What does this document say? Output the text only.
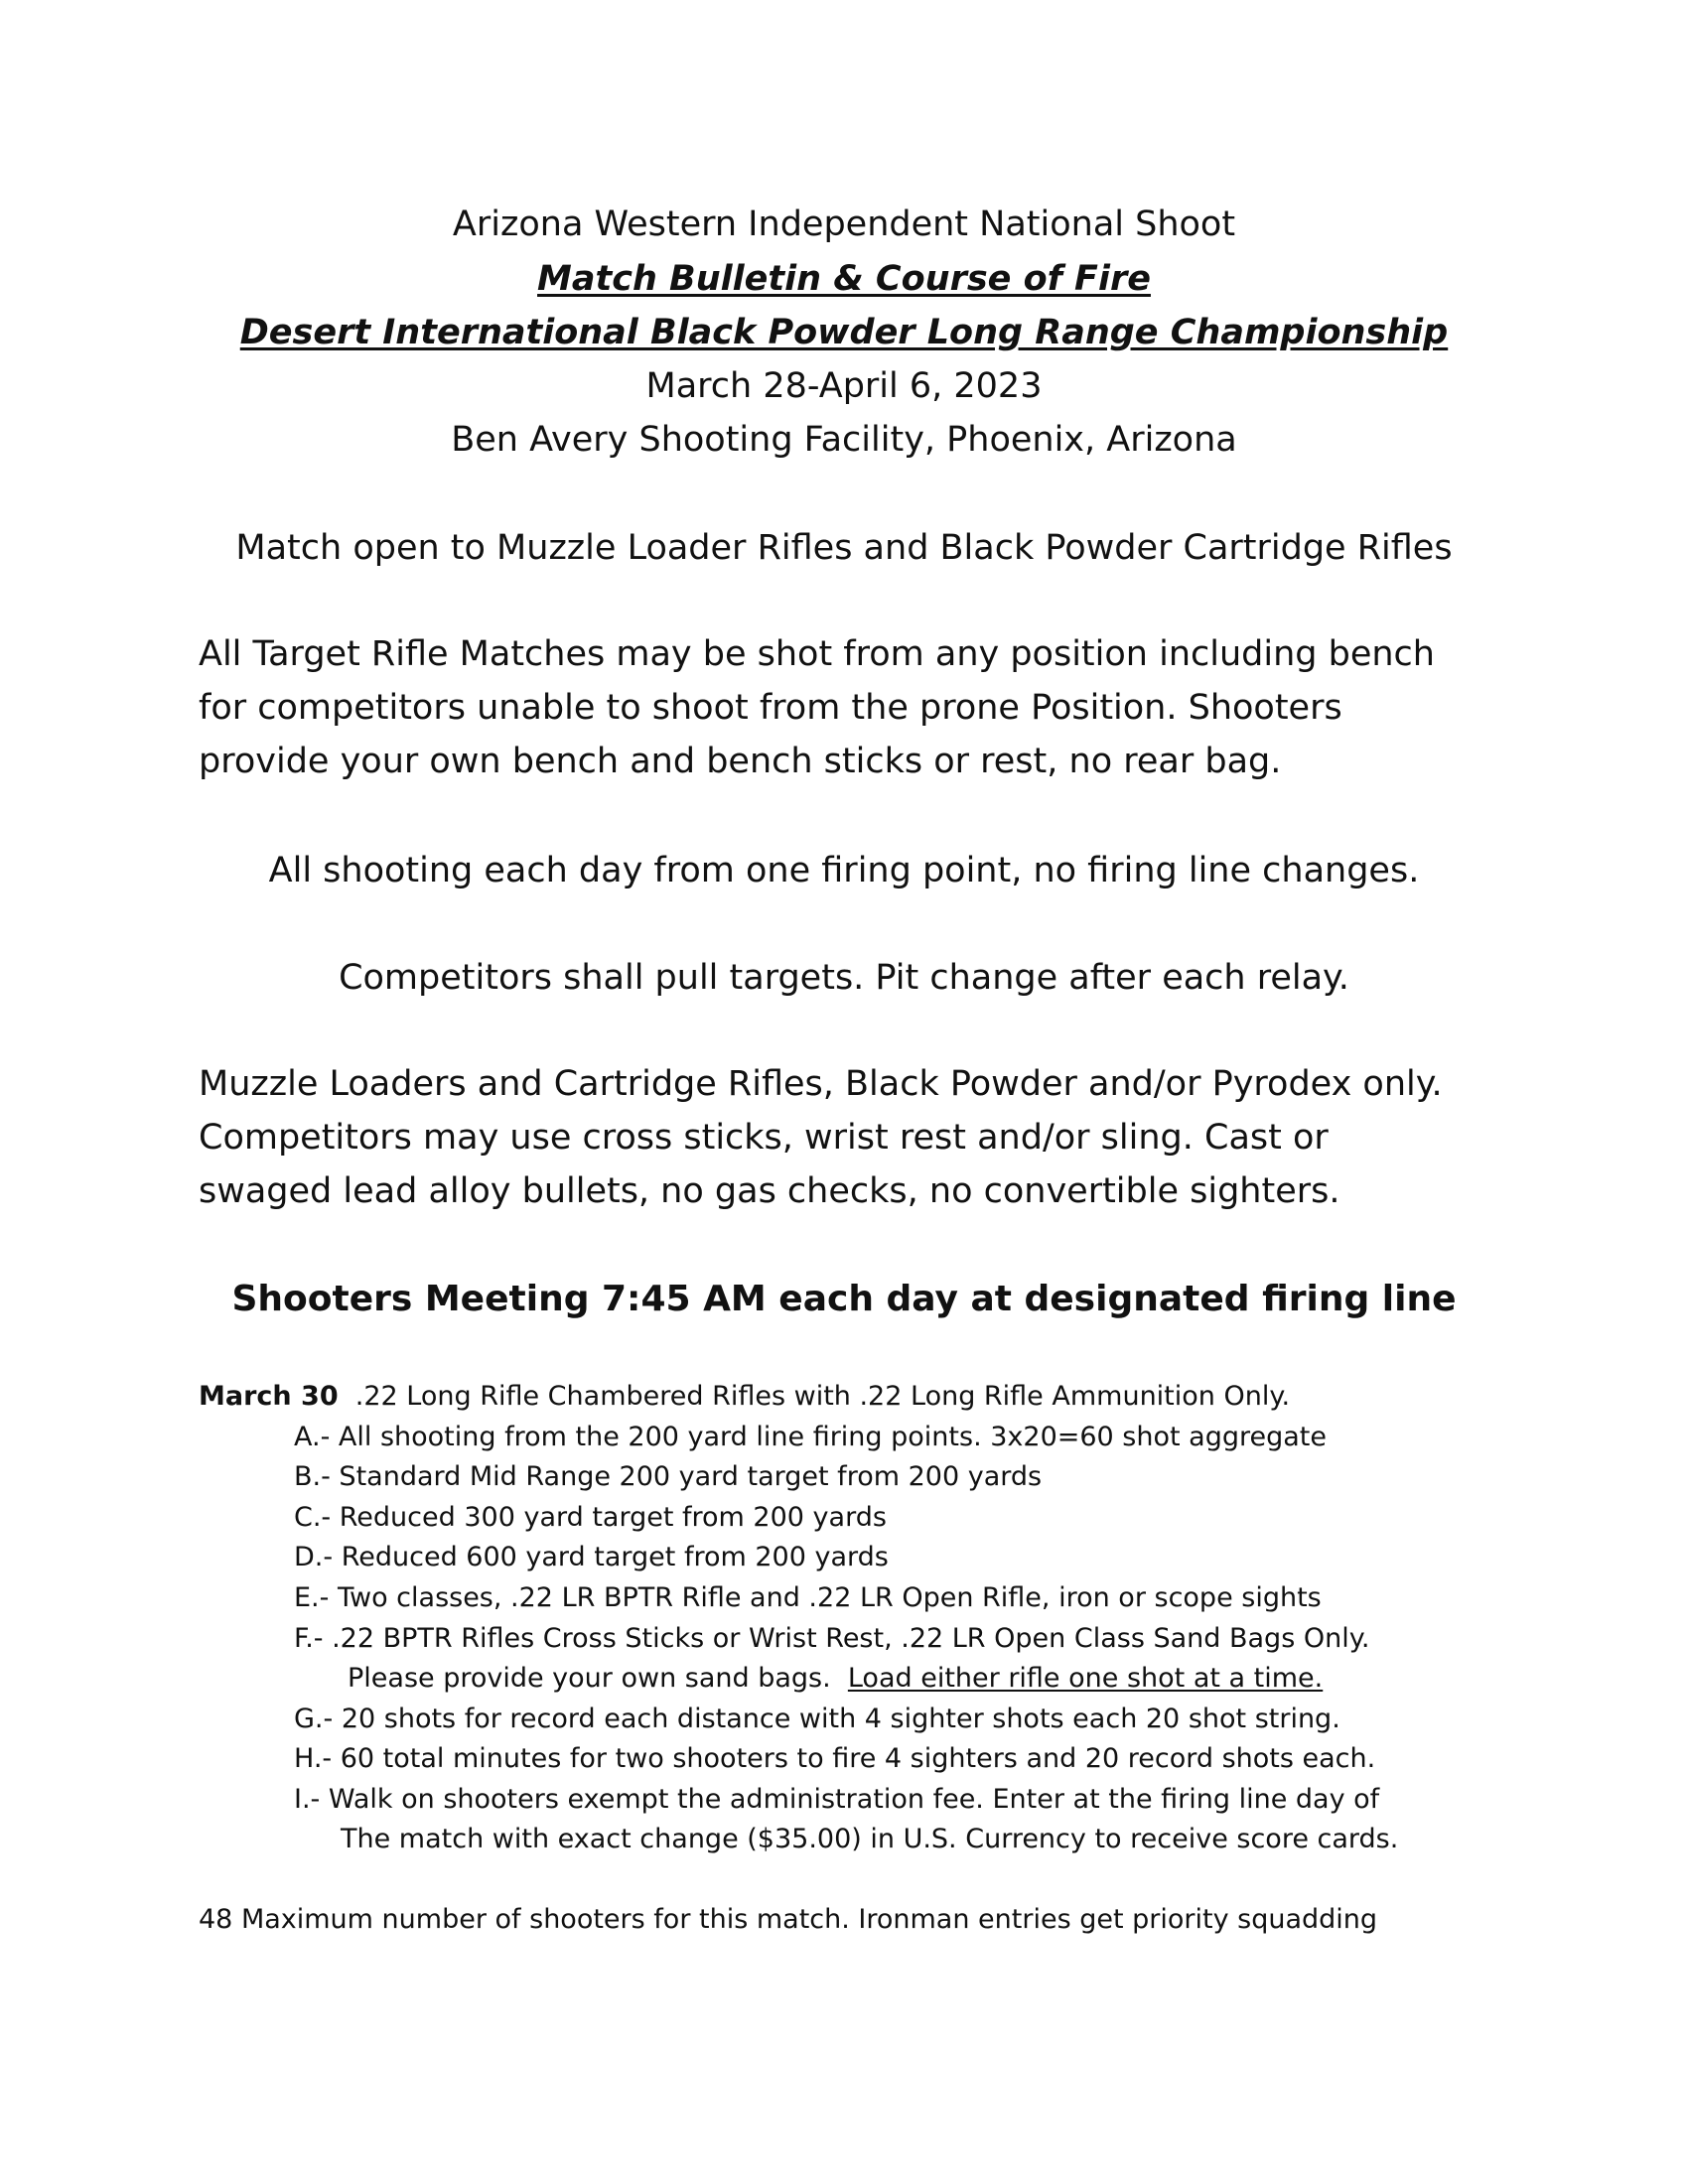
Arizona Western Independent National Shoot
Match Bulletin & Course of Fire
Desert International Black Powder Long Range Championship
March 28-April 6, 2023
Ben Avery Shooting Facility, Phoenix, Arizona
Match open to Muzzle Loader Rifles and Black Powder Cartridge Rifles
All Target Rifle Matches may be shot from any position including bench
for competitors unable to shoot from the prone Position. Shooters
provide your own bench and bench sticks or rest, no rear bag.
All shooting each day from one firing point, no firing line changes.
Competitors shall pull targets. Pit change after each relay.
Muzzle Loaders and Cartridge Rifles, Black Powder and/or Pyrodex only.
Competitors may use cross sticks, wrist rest and/or sling. Cast or
swaged lead alloy bullets, no gas checks, no convertible sighters.
Shooters Meeting 7:45 AM each day at designated firing line
March 30  .22 Long Rifle Chambered Rifles with .22 Long Rifle Ammunition Only.
A.- All shooting from the 200 yard line firing points. 3x20=60 shot aggregate
B.- Standard Mid Range 200 yard target from 200 yards
C.- Reduced 300 yard target from 200 yards
D.- Reduced 600 yard target from 200 yards
E.- Two classes, .22 LR BPTR Rifle and .22 LR Open Rifle, iron or scope sights
F.- .22 BPTR Rifles Cross Sticks or Wrist Rest, .22 LR Open Class Sand Bags Only.
Please provide your own sand bags.  Load either rifle one shot at a time.
G.- 20 shots for record each distance with 4 sighter shots each 20 shot string.
H.- 60 total minutes for two shooters to fire 4 sighters and 20 record shots each.
I.- Walk on shooters exempt the administration fee. Enter at the firing line day of
The match with exact change ($35.00) in U.S. Currency to receive score cards.
48 Maximum number of shooters for this match. Ironman entries get priority squadding
